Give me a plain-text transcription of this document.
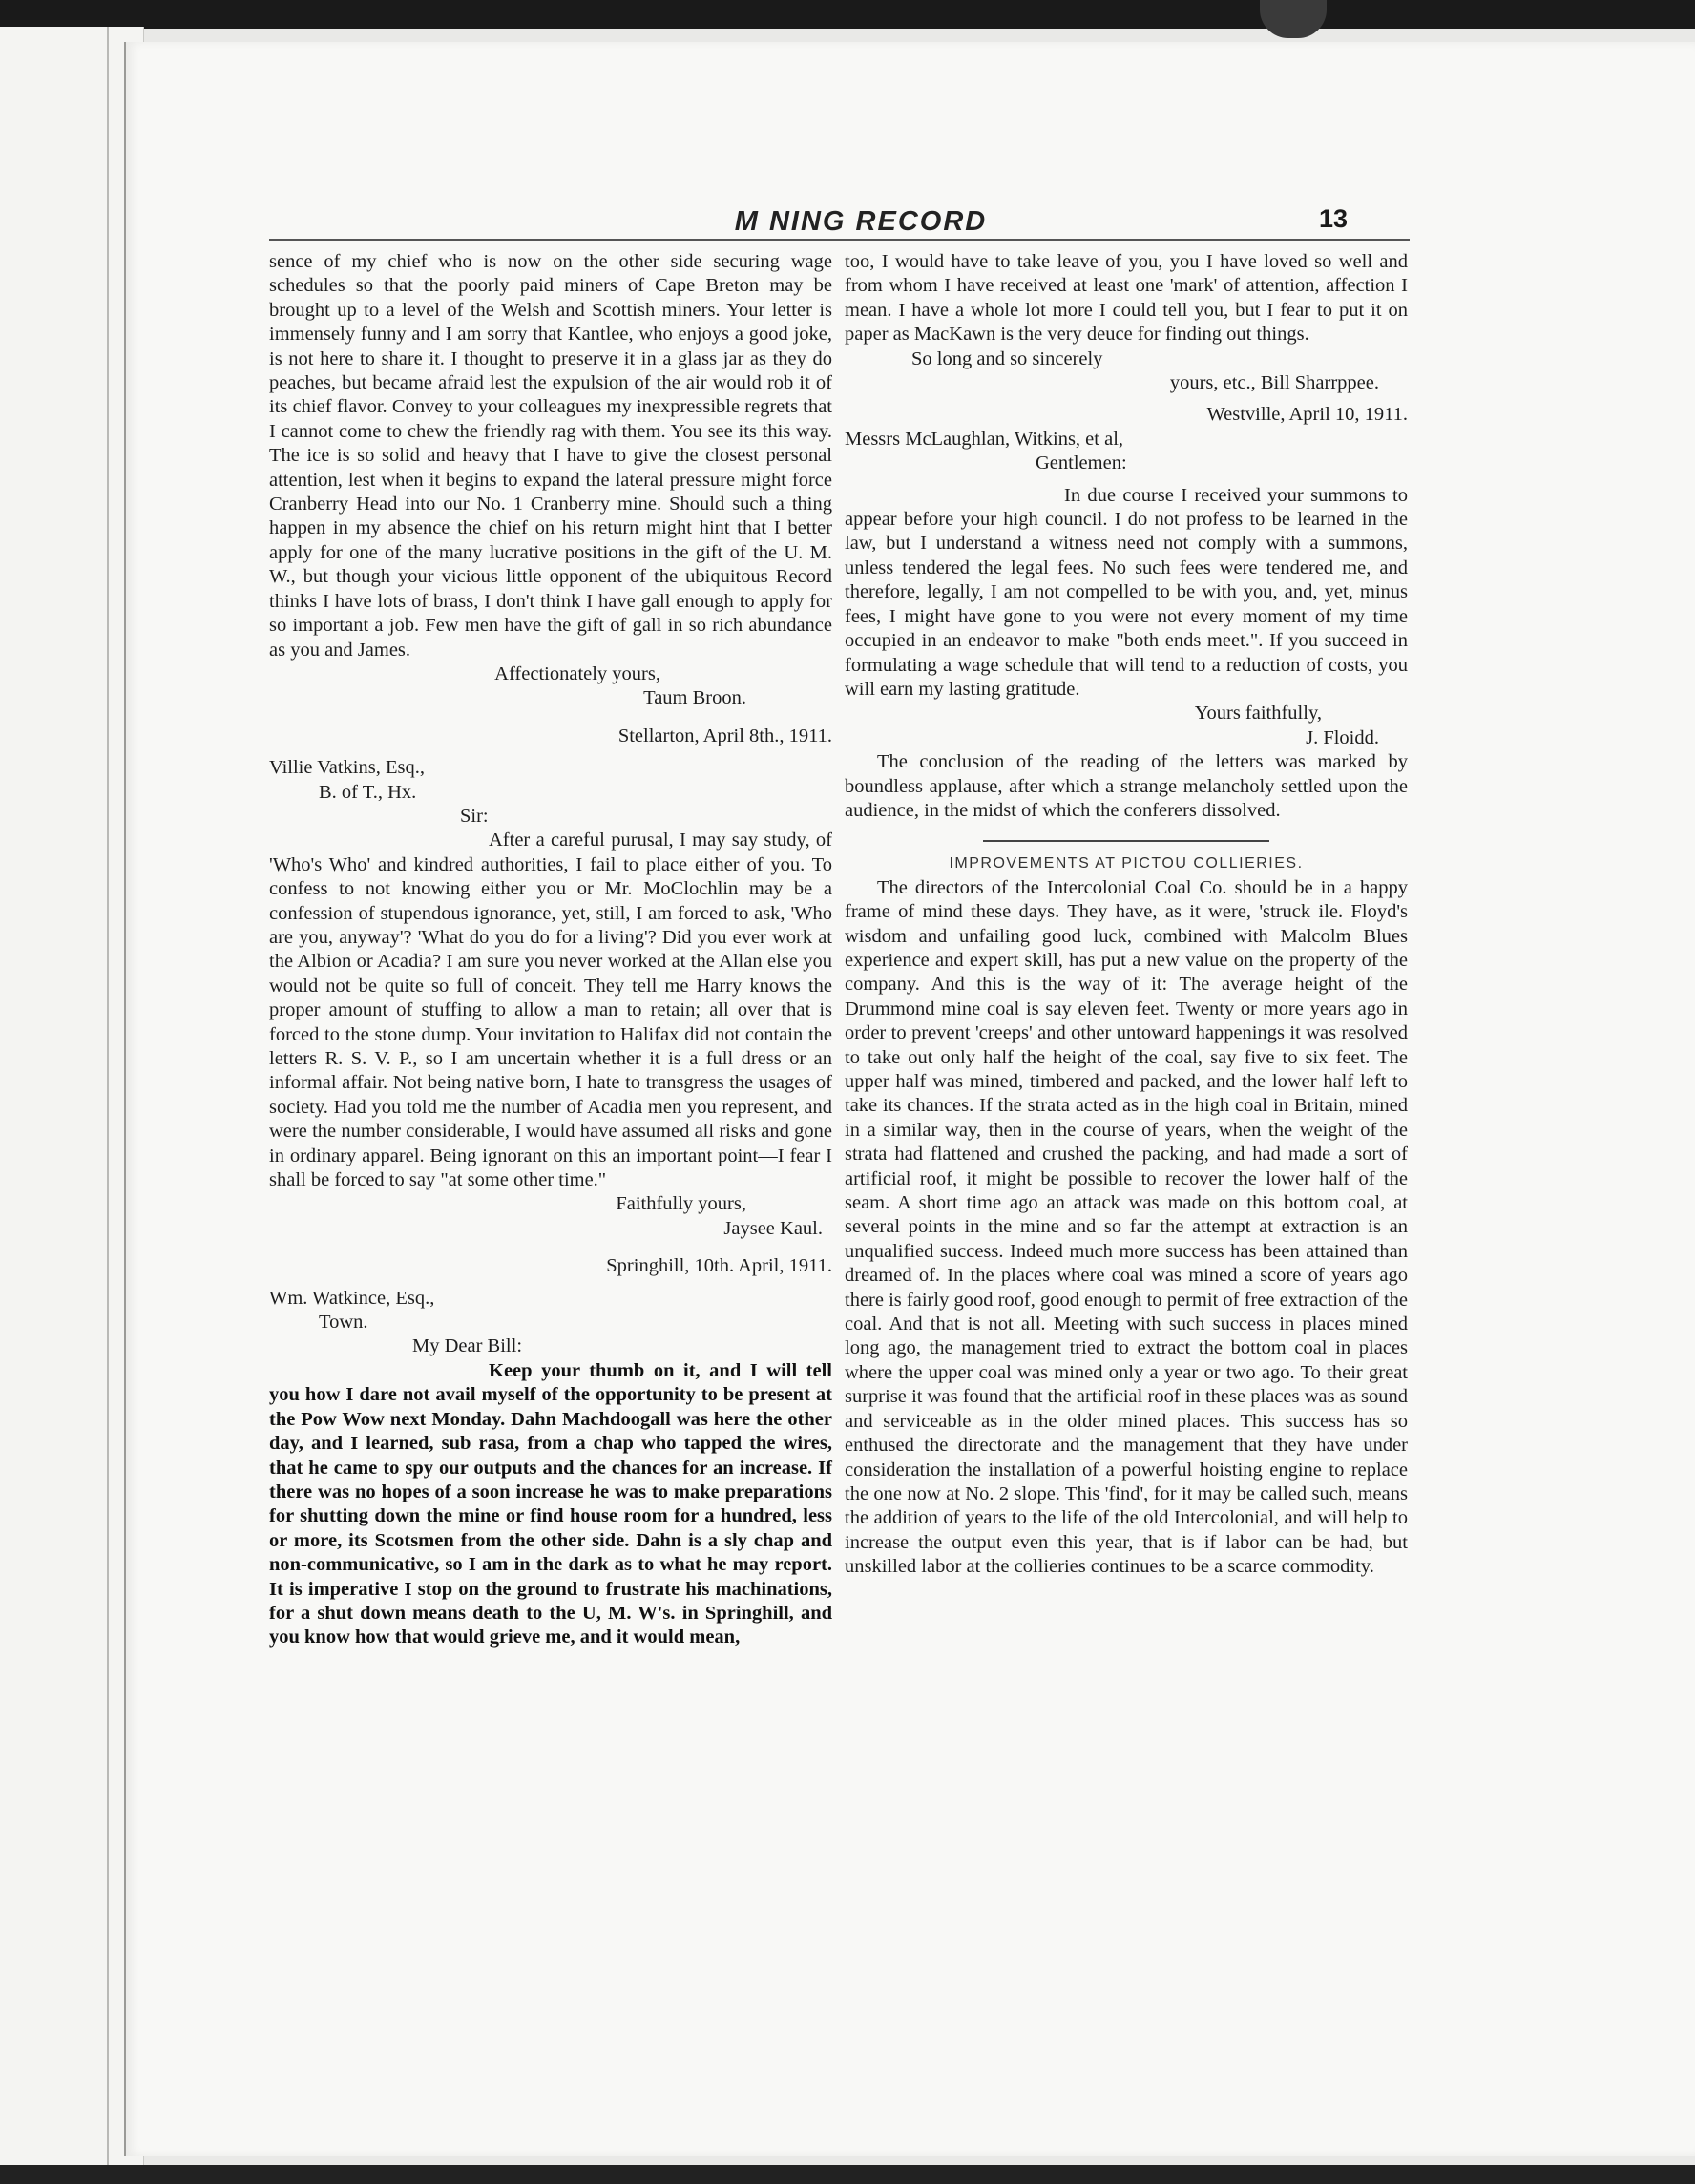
M NING RECORD	13

sence of my chief who is now on the other side securing wage schedules so that the poorly paid miners of Cape Breton may be brought up to a level of the Welsh and Scottish miners. Your letter is immensely funny and I am sorry that Kantlee, who enjoys a good joke, is not here to share it. I thought to preserve it in a glass jar as they do peaches, but became afraid lest the expulsion of the air would rob it of its chief flavor. Convey to your colleagues my inexpressible regrets that I cannot come to chew the friendly rag with them. You see its this way. The ice is so solid and heavy that I have to give the closest personal attention, lest when it begins to expand the lateral pressure might force Cranberry Head into our No. 1 Cranberry mine. Should such a thing happen in my absence the chief on his return might hint that I better apply for one of the many lucrative positions in the gift of the U. M. W., but though your vicious little opponent of the ubiquitous Record thinks I have lots of brass, I don't think I have gall enough to apply for so important a job. Few men have the gift of gall in so rich abundance as you and James.

Affectionately yours,

Taum Broon.

Stellarton, April 8th., 1911.

Villie Vatkins, Esq.,

B. of T., Hx.

Sir:

After a careful purusal, I may say study, of 'Who's Who' and kindred authorities, I fail to place either of you. To confess to not knowing either you or Mr. MoClochlin may be a confession of stupendous ignorance, yet, still, I am forced to ask, 'Who are you, anyway'? 'What do you do for a living'? Did you ever work at the Albion or Acadia? I am sure you never worked at the Allan else you would not be quite so full of conceit. They tell me Harry knows the proper amount of stuffing to allow a man to retain; all over that is forced to the stone dump. Your invitation to Halifax did not contain the letters R. S. V. P., so I am uncertain whether it is a full dress or an informal affair. Not being native born, I hate to transgress the usages of society. Had you told me the number of Acadia men you represent, and were the number considerable, I would have assumed all risks and gone in ordinary apparel. Being ignorant on this an important point—I fear I shall be forced to say "at some other time."

Faithfully yours,

Jaysee Kaul.

Springhill, 10th. April, 1911.

Wm. Watkince, Esq.,

Town.

My Dear Bill:

Keep your thumb on it, and I will tell you how I dare not avail myself of the opportunity to be present at the Pow Wow next Monday. Dahn Machdoogall was here the other day, and I learned, sub rasa, from a chap who tapped the wires, that he came to spy our outputs and the chances for an increase. If there was no hopes of a soon increase he was to make preparations for shutting down the mine or find house room for a hundred, less or more, its Scotsmen from the other side. Dahn is a sly chap and non-communicative, so I am in the dark as to what he may report. It is imperative I stop on the ground to frustrate his machinations, for a shut down means death to the U, M. W's. in Springhill, and you know how that would grieve me, and it would mean,

too, I would have to take leave of you, you I have loved so well and from whom I have received at least one 'mark' of attention, affection I mean. I have a whole lot more I could tell you, but I fear to put it on paper as MacKawn is the very deuce for finding out things.

So long and so sincerely

yours, etc., Bill Sharrppee.

Westville, April 10, 1911.

Messrs McLaughlan, Witkins, et al,

Gentlemen:

In due course I received your summons to appear before your high council. I do not profess to be learned in the law, but I understand a witness need not comply with a summons, unless tendered the legal fees. No such fees were tendered me, and therefore, legally, I am not compelled to be with you, and, yet, minus fees, I might have gone to you were not every moment of my time occupied in an endeavor to make "both ends meet.". If you succeed in formulating a wage schedule that will tend to a reduction of costs, you will earn my lasting gratitude.

Yours faithfully,

J. Floidd.

The conclusion of the reading of the letters was marked by boundless applause, after which a strange melancholy settled upon the audience, in the midst of which the conferers dissolved.

IMPROVEMENTS AT PICTOU COLLIERIES.

The directors of the Intercolonial Coal Co. should be in a happy frame of mind these days. They have, as it were, 'struck ile. Floyd's wisdom and unfailing good luck, combined with Malcolm Blues experience and expert skill, has put a new value on the property of the company. And this is the way of it: The average height of the Drummond mine coal is say eleven feet. Twenty or more years ago in order to prevent 'creeps' and other untoward happenings it was resolved to take out only half the height of the coal, say five to six feet. The upper half was mined, timbered and packed, and the lower half left to take its chances. If the strata acted as in the high coal in Britain, mined in a similar way, then in the course of years, when the weight of the strata had flattened and crushed the packing, and had made a sort of artificial roof, it might be possible to recover the lower half of the seam. A short time ago an attack was made on this bottom coal, at several points in the mine and so far the attempt at extraction is an unqualified success. Indeed much more success has been attained than dreamed of. In the places where coal was mined a score of years ago there is fairly good roof, good enough to permit of free extraction of the coal. And that is not all. Meeting with such success in places mined long ago, the management tried to extract the bottom coal in places where the upper coal was mined only a year or two ago. To their great surprise it was found that the artificial roof in these places was as sound and serviceable as in the older mined places. This success has so enthused the directorate and the management that they have under consideration the installation of a powerful hoisting engine to replace the one now at No. 2 slope. This 'find', for it may be called such, means the addition of years to the life of the old Intercolonial, and will help to increase the output even this year, that is if labor can be had, but unskilled labor at the collieries continues to be a scarce commodity.
